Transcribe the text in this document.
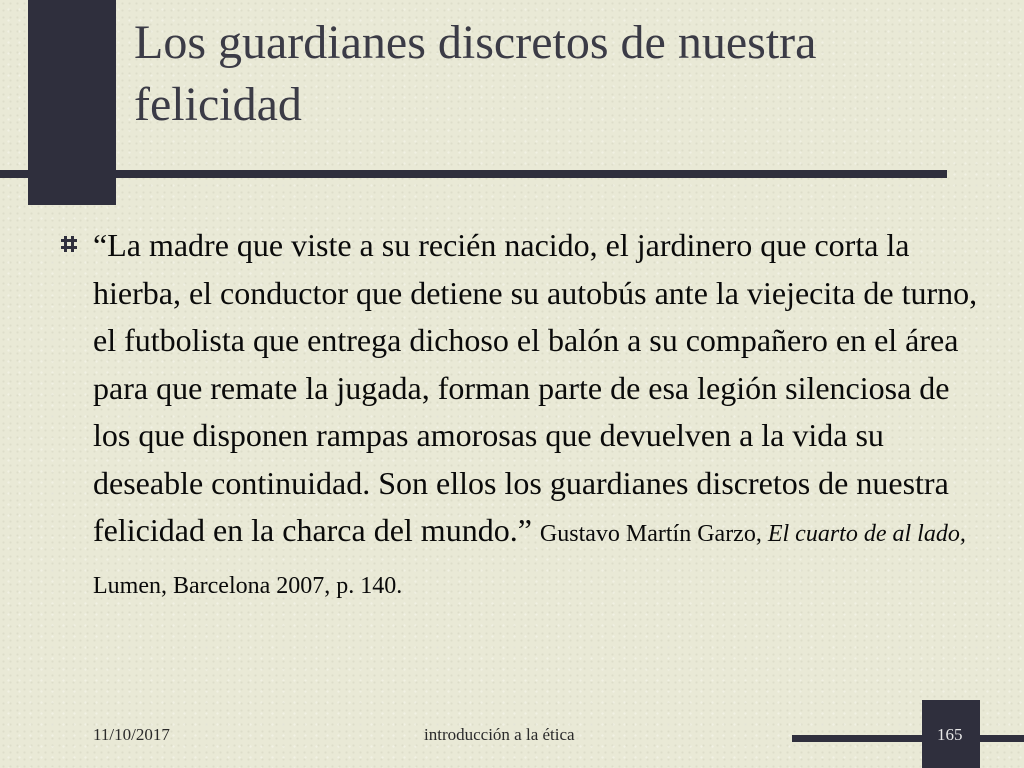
Los guardianes discretos de nuestra felicidad

“La madre que viste a su recién nacido, el jardinero que corta la hierba, el conductor que detiene su autobús ante la viejecita de turno, el futbolista que entrega dichoso el balón a su compañero en el área para que remate la jugada, forman parte de esa legión silenciosa de los que disponen rampas amorosas que devuelven a la vida su deseable continuidad. Son ellos los guardianes discretos de nuestra felicidad en la charca del mundo.” Gustavo Martín Garzo, El cuarto de al lado, Lumen, Barcelona 2007, p. 140.

11/10/2017	introducción a la ética	165
